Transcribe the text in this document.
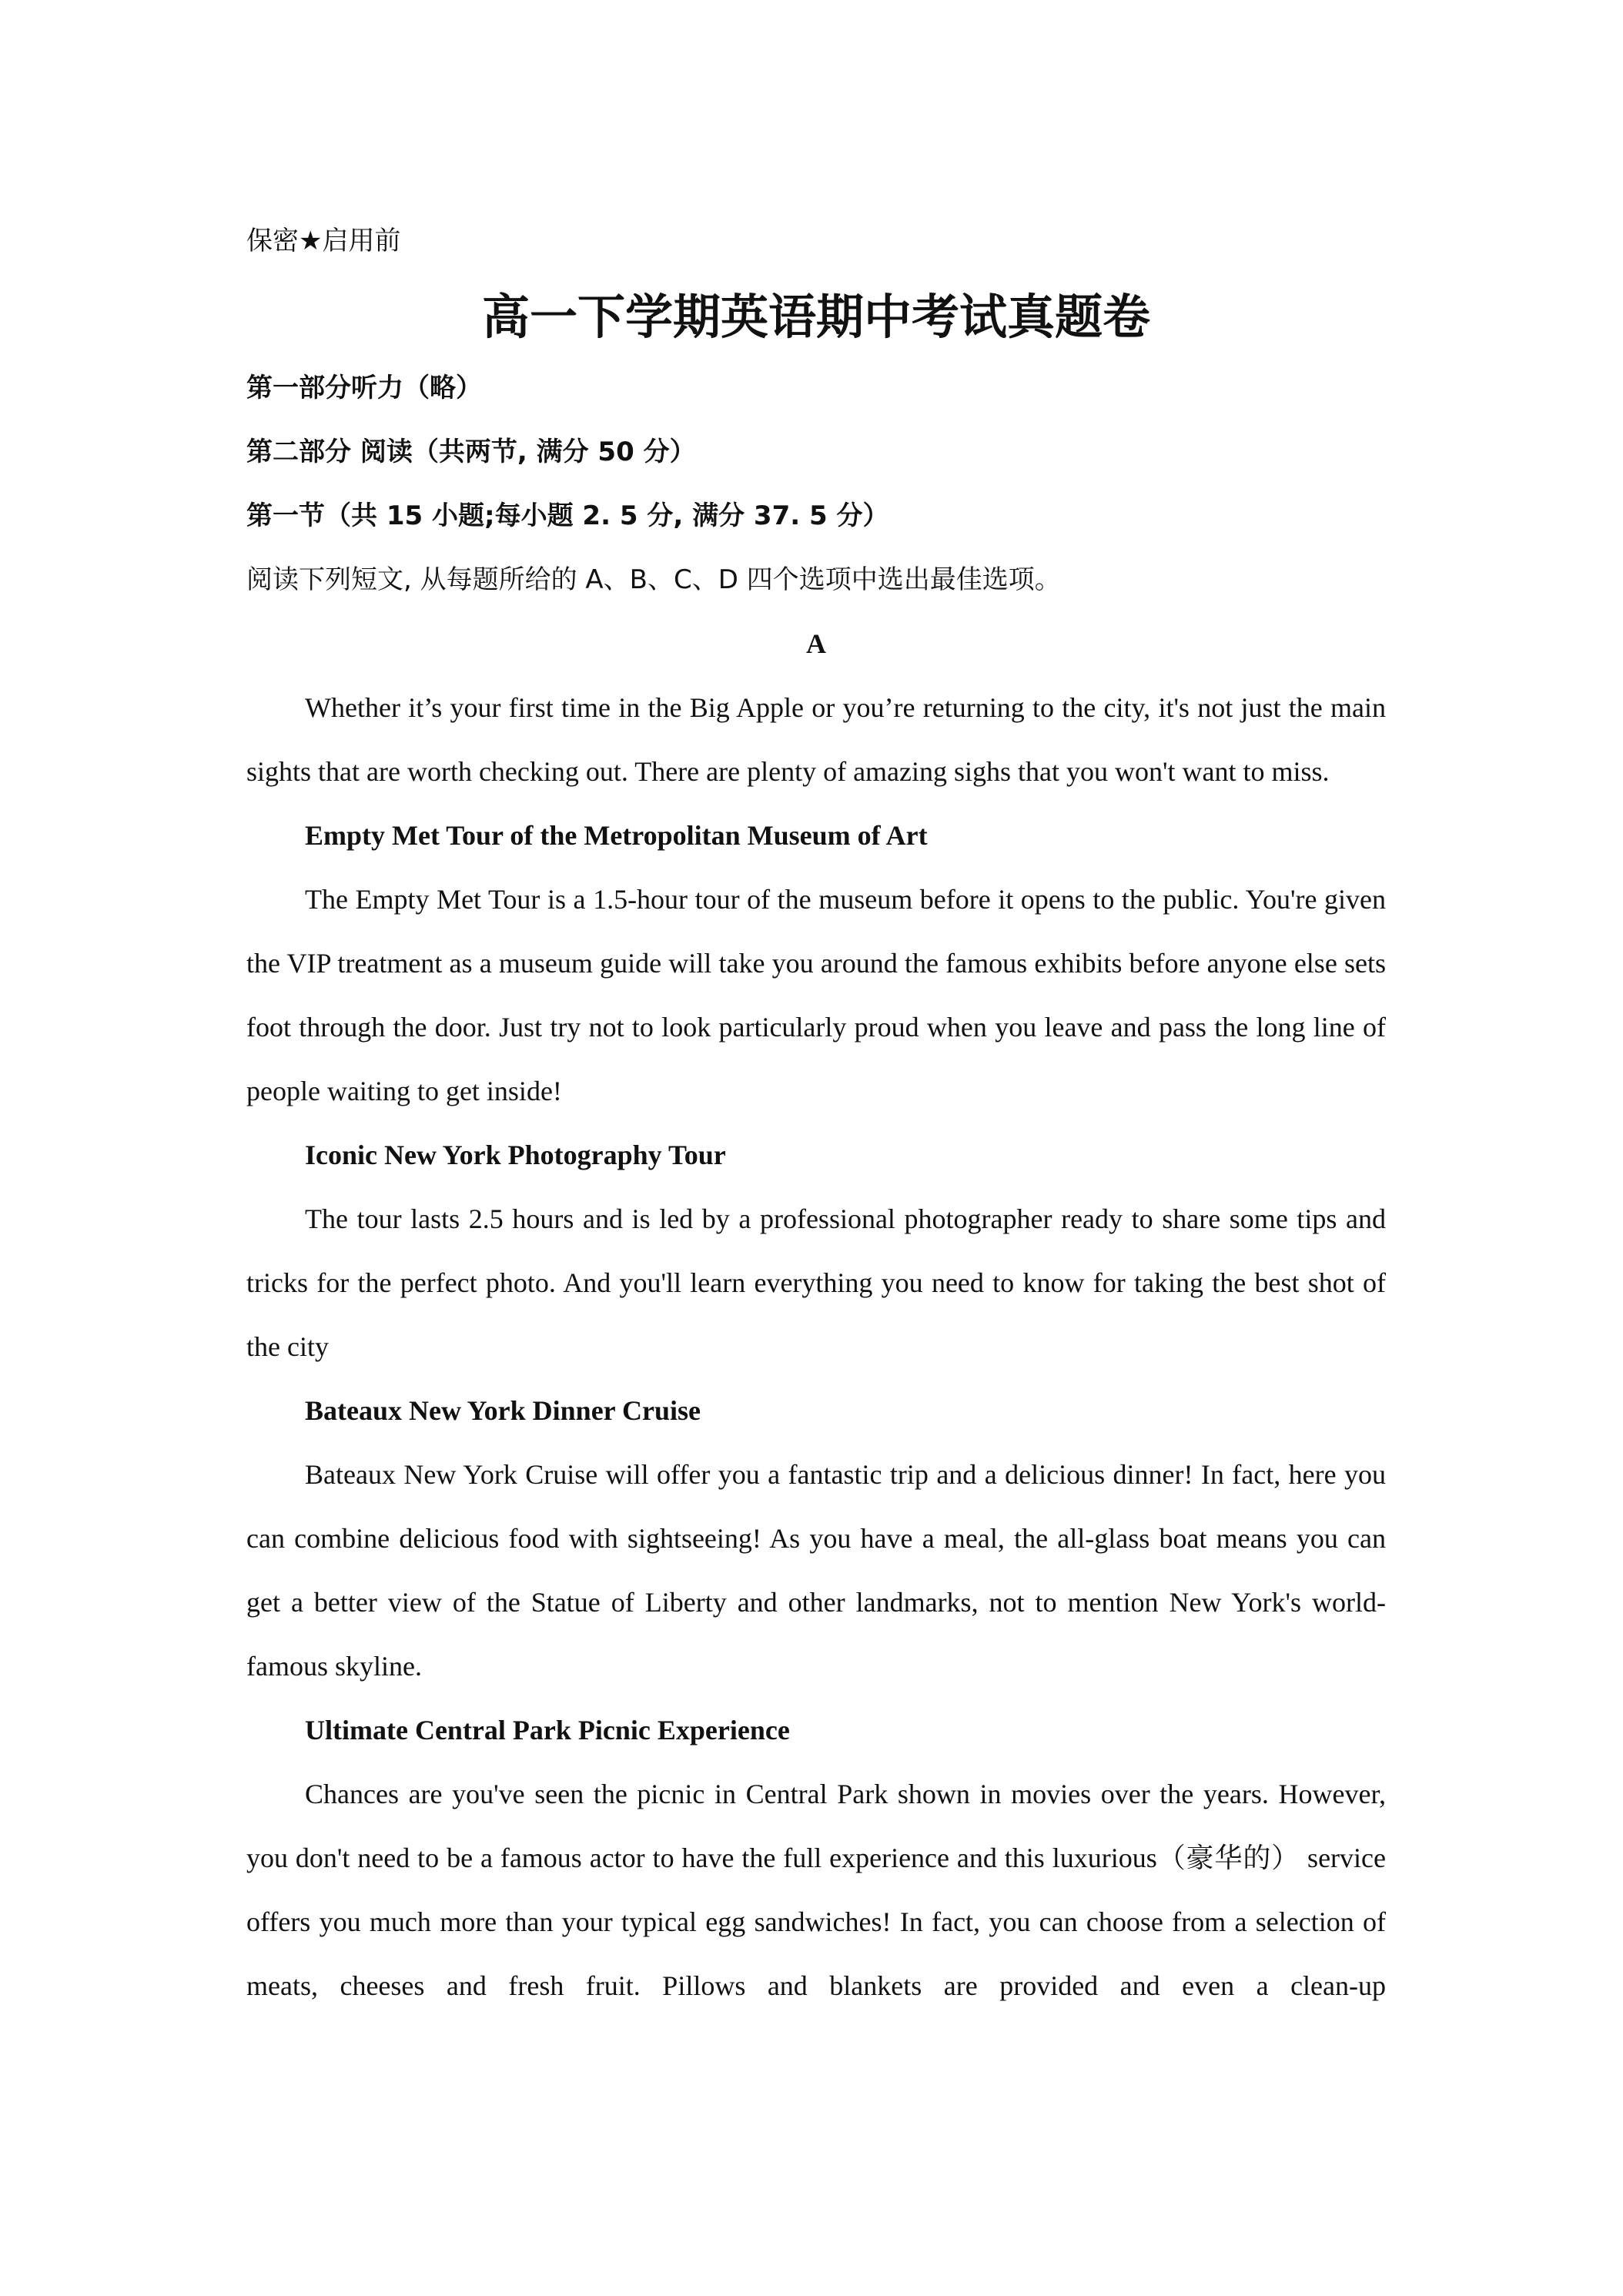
保密★启用前
高一下学期英语期中考试真题卷
第一部分听力（略）
第二部分 阅读（共两节, 满分 50 分）
第一节（共 15 小题;每小题 2. 5 分, 满分 37. 5 分）
阅读下列短文, 从每题所给的 A、B、C、D 四个选项中选出最佳选项。
A

Whether it’s your first time in the Big Apple or you’re returning to the city, it's not just the main sights that are worth checking out. There are plenty of amazing sighs that you won't want to miss.

Empty Met Tour of the Metropolitan Museum of Art

The Empty Met Tour is a 1.5-hour tour of the museum before it opens to the public. You're given the VIP treatment as a museum guide will take you around the famous exhibits before anyone else sets foot through the door. Just try not to look particularly proud when you leave and pass the long line of people waiting to get inside!

Iconic New York Photography Tour

The tour lasts 2.5 hours and is led by a professional photographer ready to share some tips and tricks for the perfect photo. And you'll learn everything you need to know for taking the best shot of the city

Bateaux New York Dinner Cruise

Bateaux New York Cruise will offer you a fantastic trip and a delicious dinner! In fact, here you can combine delicious food with sightseeing! As you have a meal, the all-glass boat means you can get a better view of the Statue of Liberty and other landmarks, not to mention New York's world-famous skyline.

Ultimate Central Park Picnic Experience

Chances are you've seen the picnic in Central Park shown in movies over the years. However, you don't need to be a famous actor to have the full experience and this luxurious（豪华的） service offers you much more than your typical egg sandwiches! In fact, you can choose from a selection of meats, cheeses and fresh fruit. Pillows and blankets are provided and even a clean-up
